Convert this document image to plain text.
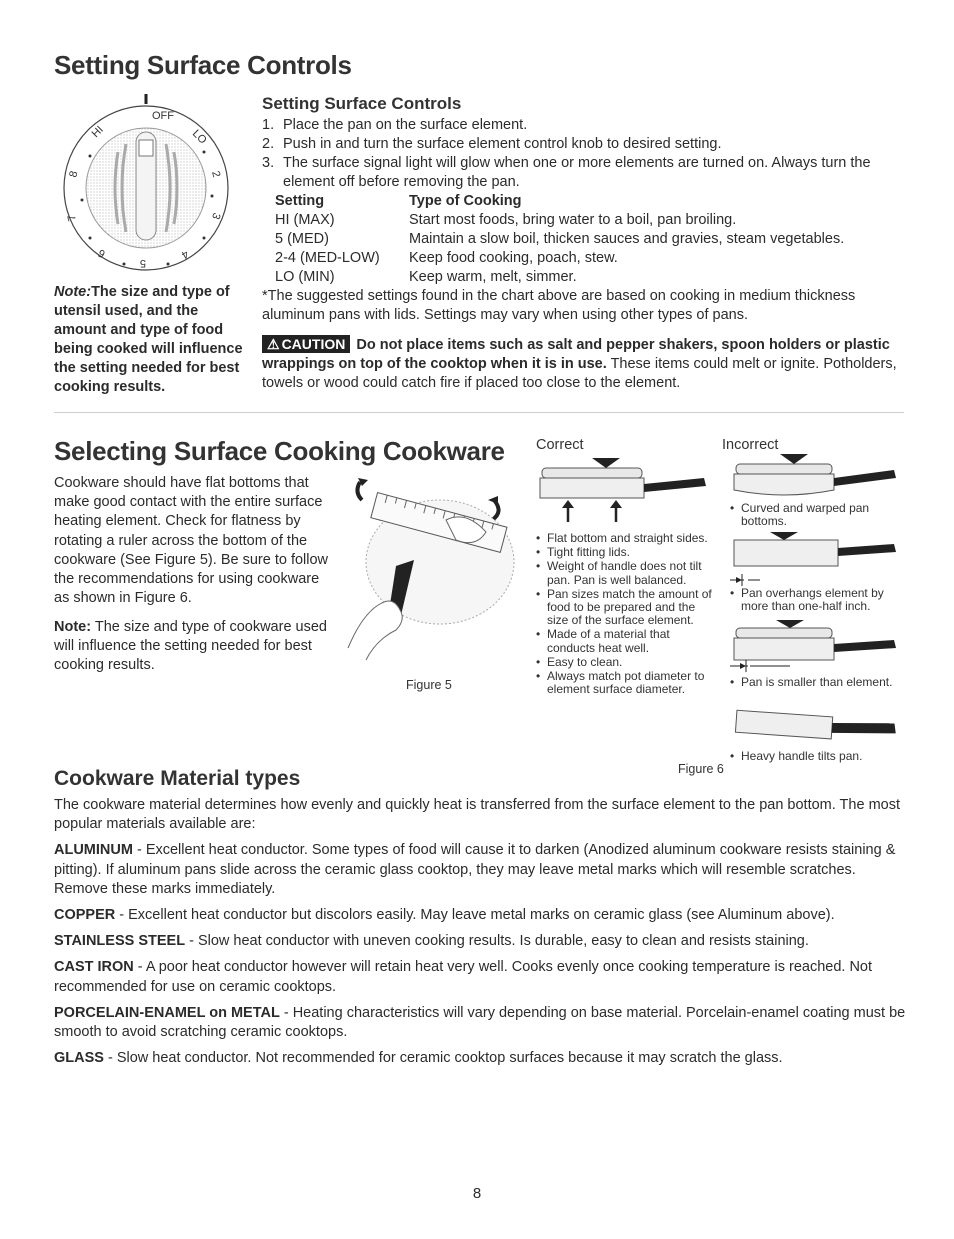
Setting Surface Controls
OFF
HI	LO
8	2
7	3
6
5
4
Setting Surface Controls
1. Place the pan on the surface element.
2. Push in and turn the surface element control knob to desired setting.
3. The surface signal light will glow when one or more elements are turned on. Always turn the element off before removing the pan.
Setting	Type of Cooking
HI (MAX)	Start most foods, bring water to a boil, pan broiling.
5 (MED)	Maintain a slow boil, thicken sauces and gravies, steam vegetables.
2-4 (MED-LOW)	Keep food cooking, poach, stew.
LO (MIN)	Keep warm, melt, simmer.
*The suggested settings found in the chart above are based on cooking in medium thickness aluminum pans with lids. Settings may vary when using other types of pans.
⚠ CAUTION Do not place items such as salt and pepper shakers, spoon holders or plastic wrappings on top of the cooktop when it is in use. These items could melt or ignite. Potholders, towels or wood could catch fire if placed too close to the element.
Note:The size and type of utensil used, and the amount and type of food being cooked will influence the setting needed for best cooking results.
Selecting Surface Cooking Cookware
Cookware should have flat bottoms that make good contact with the entire surface heating element. Check for flatness by rotating a ruler across the bottom of the cookware (See Figure 5). Be sure to follow the recommendations for using cookware as shown in Figure 6.
Note: The size and type of cookware used will influence the setting needed for best cooking results.
Figure 5
Correct
• Flat bottom and straight sides.
• Tight fitting lids.
• Weight of handle does not tilt pan. Pan is well balanced.
• Pan sizes match the amount of food to be prepared and the size of the surface element.
• Made of a material that conducts heat well.
• Easy to clean.
• Always match pot diameter to element surface diameter.
Figure 6
Incorrect
• Curved and warped pan bottoms.
• Pan overhangs element by more than one-half inch.
• Pan is smaller than element.
• Heavy handle tilts pan.
Cookware Material types

The cookware material determines how evenly and quickly heat is transferred from the surface element to the pan bottom. The most popular materials available are:

ALUMINUM - Excellent heat conductor. Some types of food will cause it to darken (Anodized aluminum cookware resists staining & pitting). If aluminum pans slide across the ceramic glass cooktop, they may leave metal marks which will resemble scratches. Remove these marks immediately.

COPPER - Excellent heat conductor but discolors easily. May leave metal marks on ceramic glass (see Aluminum above).

STAINLESS STEEL - Slow heat conductor with uneven cooking results. Is durable, easy to clean and resists staining.

CAST IRON - A poor heat conductor however will retain heat very well. Cooks evenly once cooking temperature is reached. Not recommended for use on ceramic cooktops.

PORCELAIN-ENAMEL on METAL - Heating characteristics will vary depending on base material. Porcelain-enamel coating must be smooth to avoid scratching ceramic cooktops.

GLASS - Slow heat conductor. Not recommended for ceramic cooktop surfaces because it may scratch the glass.

8
